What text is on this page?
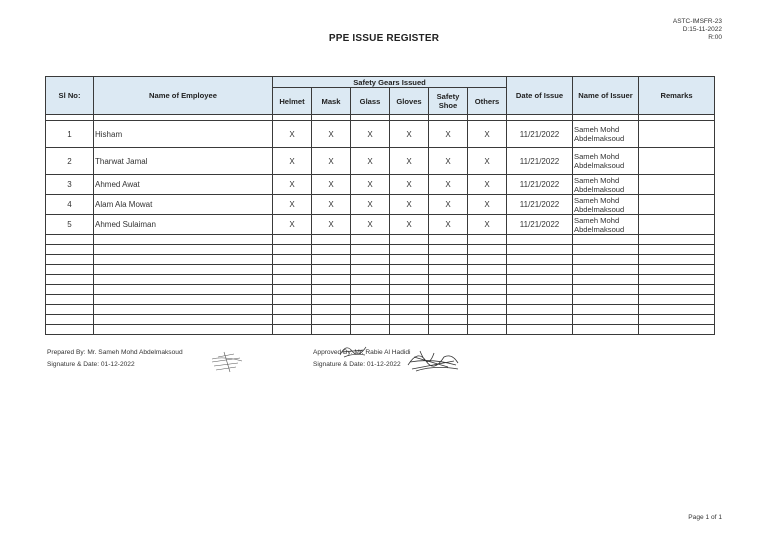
ASTC-IMSFR-23
D:15-11-2022
R:00
PPE ISSUE REGISTER
Sl No:	Name of Employee	Safety Gears Issued						Date of Issue	Name of Issuer	Remarks
		Helmet	Mask	Glass	Gloves	Safety Shoe	Others			

1	Hisham	X	X	X	X	X	X	11/21/2022	Sameh Mohd
Abdelmaksoud	

2	Tharwat Jamal	X	X	X	X	X	X	11/21/2022	Sameh Mohd
Abdelmaksoud	

3	Ahmed Awat	X	X	X	X	X	X	11/21/2022	Sameh Mohd
Abdelmaksoud	

4	Alam Ala Mowat	X	X	X	X	X	X	11/21/2022	Sameh Mohd
Abdelmaksoud	

5	Ahmed Sulaiman	X	X	X	X	X	X	11/21/2022	Sameh Mohd
Abdelmaksoud	

Prepared By: Mr. Sameh Mohd Abdelmaksoud
Signature & Date: 01-12-2022
Approved By: Mr. Rabie Al Hadidi
Signature & Date: 01-12-2022
Page 1 of 1
